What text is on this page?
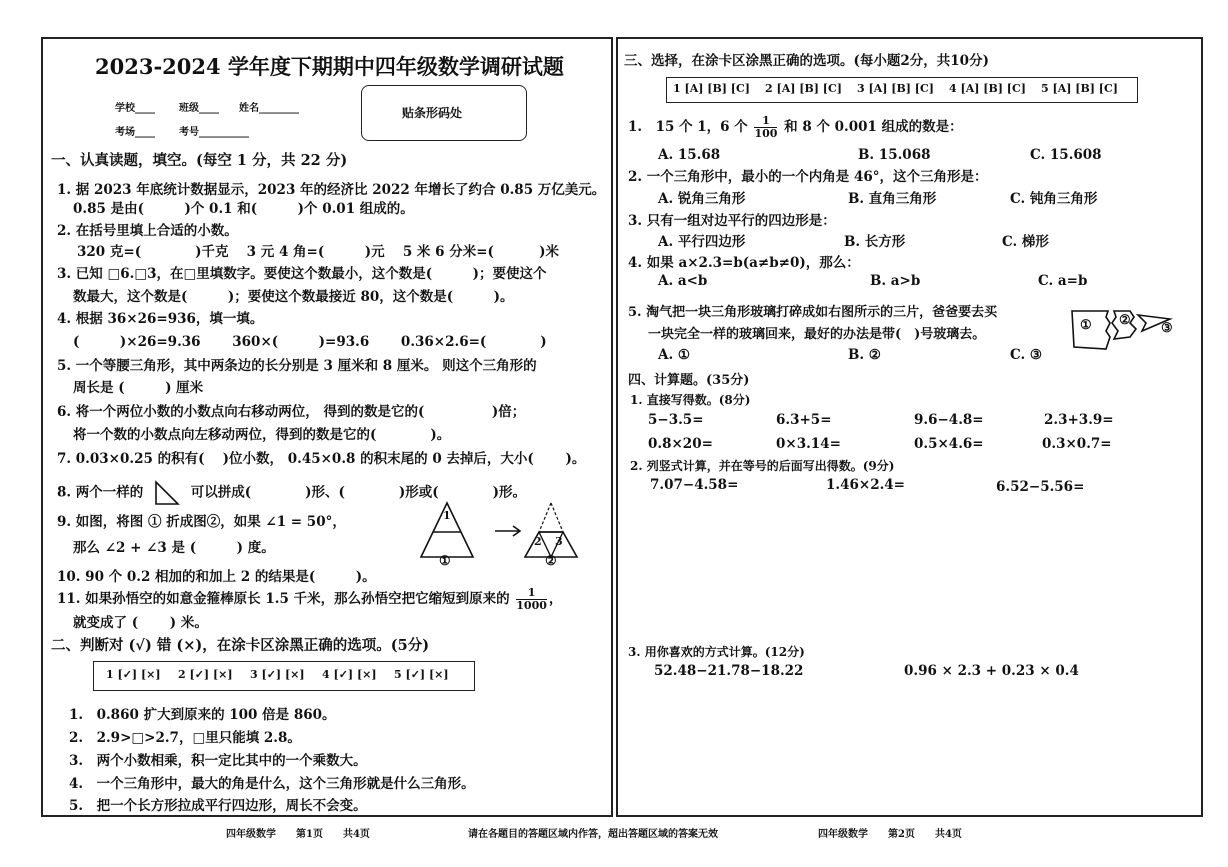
2023-2024 学年度下期期中四年级数学调研试题
学校____ 班级____ 姓名________
考场____ 考号__________
贴条形码处
一、认真读题，填空。(每空 1 分，共 22 分)
1. 据 2023 年底统计数据显示，2023 年的经济比 2022 年增长了约合 0.85 万亿美元。
0.85 是由(　　　)个 0.1 和(　　　)个 0.01 组成的。
2. 在括号里填上合适的小数。
320 克=(　　　　)千克　 3 元 4 角=(　　　)元　 5 米 6 分米=(　　　 )米
3. 已知 □6.□3，在□里填数字。要使这个数最小，这个数是(　　　)；要使这个
数最大，这个数是(　　　)；要使这个数最接近 80，这个数是(　　　)。
4. 根据 36×26=936，填一填。
(　　　)×26=9.36　　 360×(　　　)=93.6　　 0.36×2.6=(　　　　)
5. 一个等腰三角形，其中两条边的长分别是 3 厘米和 8 厘米。 则这个三角形的
周长是 (　　　) 厘米
6. 将一个两位小数的小数点向右移动两位， 得到的数是它的(　　　　　)倍；
将一个数的小数点向左移动两位，得到的数是它的(　　　　)。
7. 0.03×0.25 的积有(　 )位小数， 0.45×0.8 的积末尾的 0 去掉后，大小(　　 )。
8. 两个一样的	可以拼成(　　　　)形、(　　　　)形或(　　　　)形。
9. 如图，将图 ① 折成图②，如果 ∠1 = 50°，
那么 ∠2 + ∠3 是 (　　　) 度。
1
2 3
①	②
10. 90 个 0.2 相加的和加上 2 的结果是(　　　)。
11. 如果孙悟空的如意金箍棒原长 1.5 千米，那么孙悟空把它缩短到原来的 $\frac{1}{1000}$ ，
就变成了 (　　 ) 米。
二、判断对 (√) 错 (×)，在涂卡区涂黑正确的选项。(5分)
1 [✓] [×] 2 [✓] [×] 3 [✓] [×] 4 [✓] [×] 5 [✓] [×]
1.　0.860 扩大到原来的 100 倍是 860。
2.　2.9>□>2.7，□里只能填 2.8。
3.　两个小数相乘，积一定比其中的一个乘数大。
4.　一个三角形中，最大的角是什么，这个三角形就是什么三角形。
5.　把一个长方形拉成平行四边形，周长不会变。
三、选择，在涂卡区涂黑正确的选项。(每小题2分，共10分)
1 [A] [B] [C] 2 [A] [B] [C] 3 [A] [B] [C] 4 [A] [B] [C] 5 [A] [B] [C]
1.　15 个 1，6 个 $\frac{1}{100}$ 和 8 个 0.001 组成的数是：
A. 15.68	B. 15.068	C. 15.608
2. 一个三角形中，最小的一个内角是 46°，这个三角形是：
A. 锐角三角形	B. 直角三角形	C. 钝角三角形
3. 只有一组对边平行的四边形是：
A. 平行四边形	B. 长方形	C. 梯形
4. 如果 a×2.3=b(a≠b≠0)，那么：
A. a<b	B. a>b	C. a=b
5. 淘气把一块三角形玻璃打碎成如右图所示的三片，爸爸要去买
一块完全一样的玻璃回来，最好的办法是带(　)号玻璃去。
① ②
③
A. ①	B. ②	C. ③
四、计算题。(35分)
1. 直接写得数。(8分)
5−3.5=	6.3+5=	9.6−4.8=	2.3+3.9=
0.8×20=	0×3.14=	0.5×4.6=	0.3×0.7=
2. 列竖式计算，并在等号的后面写出得数。(9分)
7.07−4.58=	1.46×2.4=	6.52−5.56=
3. 用你喜欢的方式计算。(12分)
52.48−21.78−18.22	0.96 × 2.3 + 0.23 × 0.4
四年级数学　　第1页　　共4页	请在各题目的答题区域内作答，超出答题区域的答案无效	四年级数学　　第2页　　共4页
